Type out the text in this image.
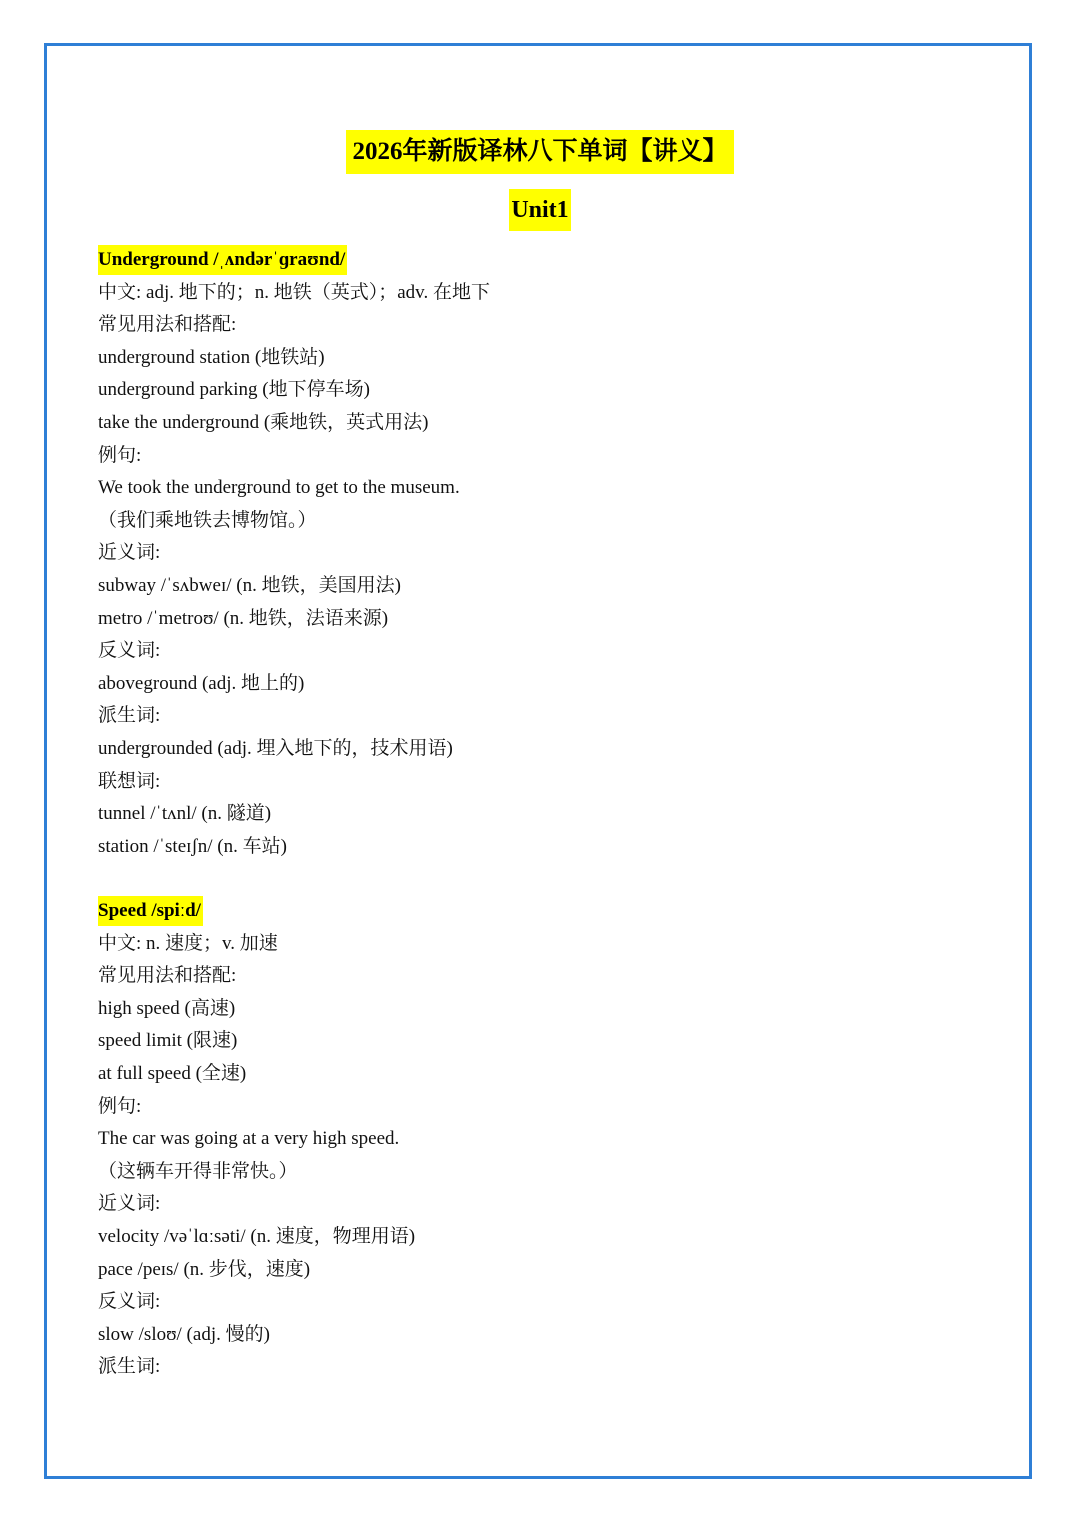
2026年新版译林八下单词【讲义】
Unit1
Underground /ˌʌndərˈɡraʊnd/
中文: adj. 地下的；n. 地铁（英式）；adv. 在地下
常见用法和搭配:
underground station (地铁站)
underground parking (地下停车场)
take the underground (乘地铁，英式用法)
例句:
We took the underground to get to the museum.
（我们乘地铁去博物馆。）
近义词:
subway /ˈsʌbweɪ/ (n. 地铁，美国用法)
metro /ˈmetroʊ/ (n. 地铁，法语来源)
反义词:
aboveground (adj. 地上的)
派生词:
undergrounded (adj. 埋入地下的，技术用语)
联想词:
tunnel /ˈtʌnl/ (n. 隧道)
station /ˈsteɪʃn/ (n. 车站)
Speed /spiːd/
中文: n. 速度；v. 加速
常见用法和搭配:
high speed (高速)
speed limit (限速)
at full speed (全速)
例句:
The car was going at a very high speed.
（这辆车开得非常快。）
近义词:
velocity /vəˈlɑːsəti/ (n. 速度，物理用语)
pace /peɪs/ (n. 步伐，速度)
反义词:
slow /sloʊ/ (adj. 慢的)
派生词:
